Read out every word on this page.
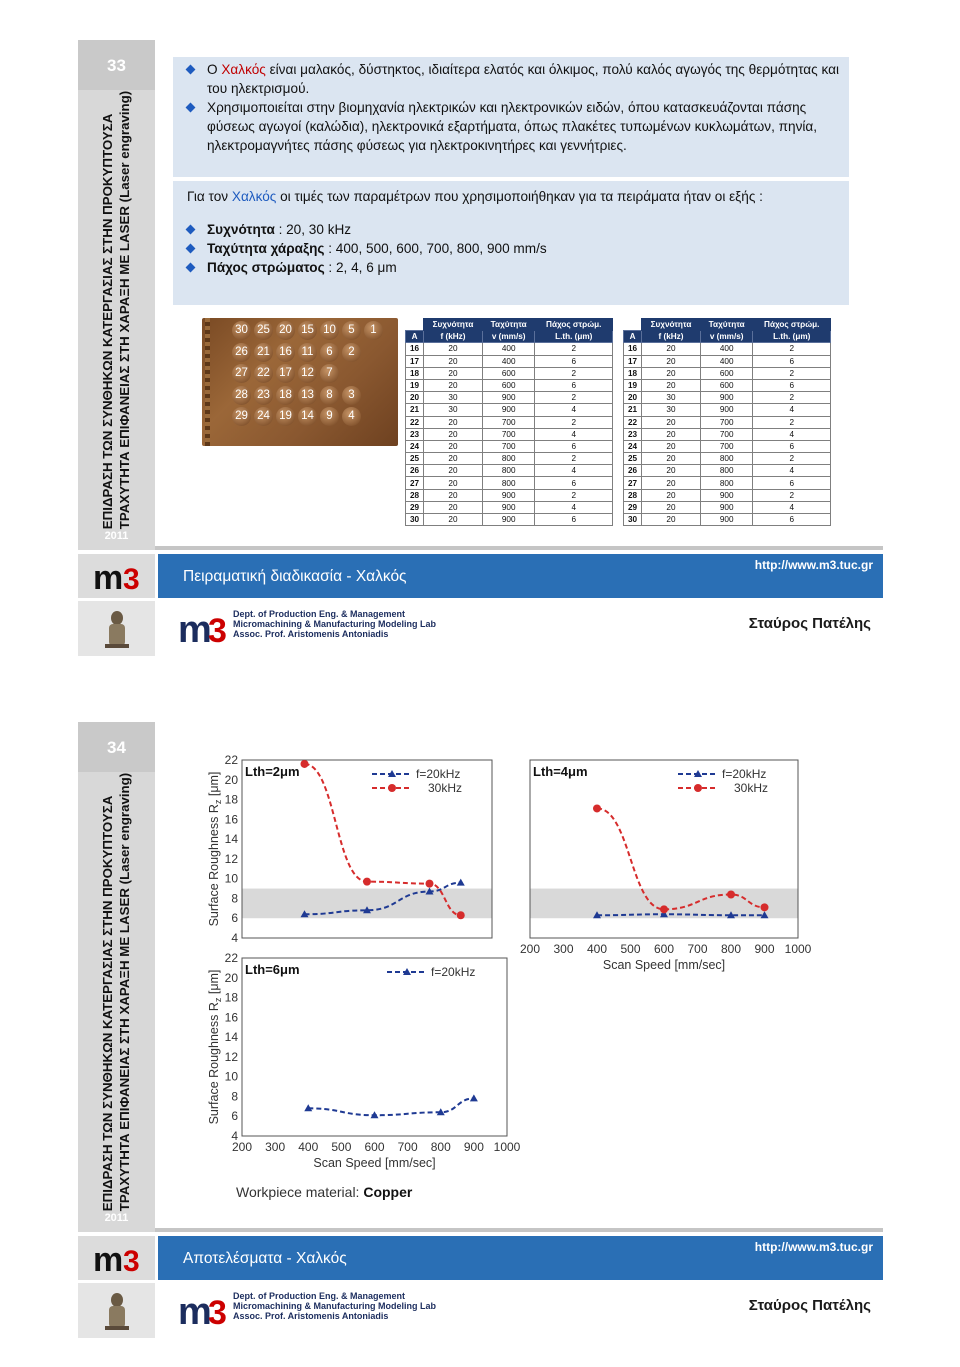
33
ΕΠΙΔΡΑΣΗ ΤΩΝ ΣΥΝΘΗΚΩΝ ΚΑΤΕΡΓΑΣΙΑΣ ΣΤΗΝ ΠΡΟΚΥΠΤΟΥΣΑ ΤΡΑΧΥΤΗΤΑ ΕΠΙΦΑΝΕΙΑΣ ΣΤΗ ΧΑΡΑΞΗ ΜΕ LASER (Laser engraving)
2011
Ο Χαλκός είναι μαλακός, δύστηκτος, ιδιαίτερα ελατός και όλκιμος, πολύ καλός αγωγός της θερμότητας και του ηλεκτρισμού.
Χρησιμοποιείται στην βιομηχανία ηλεκτρικών και ηλεκτρονικών ειδών, όπου κατασκευάζονται πάσης φύσεως αγωγοί (καλώδια), ηλεκτρονικά εξαρτήματα, όπως πλακέτες τυπωμένων κυκλωμάτων, πηνία, ηλεκτρομαγνήτες πάσης φύσεως για ηλεκτροκινητήρες και γεννήτριες.
Για τον Χαλκός οι τιμές των παραμέτρων που χρησιμοποιήθηκαν για τα πειράματα ήταν οι εξής :
Συχνότητα : 20, 30 kHz
Ταχύτητα χάραξης : 400, 500, 600, 700, 800, 900 mm/s
Πάχος στρώματος : 2, 4, 6 μm
30 25 20 15 10	5	1
26 21 16 11	6	2
27 22 17 12	7
28 23 18 13	8	3
29 24 19 14	9	4
	Συχνότητα	Ταχύτητα	Πάχος στρώμ.
A	f (kHz)	v (mm/s)	L.th. (μm)
16	20	400	2
17	20	400	6
18	20	600	2
19	20	600	6
20	30	900	2
21	30	900	4
22	20	700	2
23	20	700	4
24	20	700	6
25	20	800	2
26	20	800	4
27	20	800	6
28	20	900	2
29	20	900	4
30	20	900	6
	Συχνότητα	Ταχύτητα	Πάχος στρώμ.
A	f (kHz)	v (mm/s)	L.th. (μm)
16	20	400	2
17	20	400	6
18	20	600	2
19	20	600	6
20	30	900	2
21	30	900	4
22	20	700	2
23	20	700	4
24	20	700	6
25	20	800	2
26	20	800	4
27	20	800	6
28	20	900	2
29	20	900	4
30	20	900	6
m 3	Πειραματική διαδικασία - Χαλκός
http://www.m3.tuc.gr
m
3 Dept. of Production Eng. & Management
Micromachining & Manufacturing Modeling Lab
Assoc. Prof. Aristomenis Antoniadis
Σταύρος Πατέλης
34
ΕΠΙΔΡΑΣΗ ΤΩΝ ΣΥΝΘΗΚΩΝ ΚΑΤΕΡΓΑΣΙΑΣ ΣΤΗΝ ΠΡΟΚΥΠΤΟΥΣΑ ΤΡΑΧΥΤΗΤΑ ΕΠΙΦΑΝΕΙΑΣ ΣΤΗ ΧΑΡΑΞΗ ΜΕ LASER (Laser engraving)
2011
4
6
8
10
12
14
16
18
20
22
Surface Roughness $R_z$ [μm]
Lth=2μm	f=20kHz
30kHz
200 300 400 500 600 700 800 900 1000
Scan Speed [mm/sec]
Lth=4μm	f=20kHz
30kHz
4
6
8
10
12
14
16
18
20
22
Surface Roughness $R_z$ [μm]
200 300 400 500 600 700 800 900 1000
Scan Speed [mm/sec]
Lth=6μm	f=20kHz
Workpiece material: Copper
m 3	Αποτελέσματα - Χαλκός
http://www.m3.tuc.gr
m
3 Dept. of Production Eng. & Management
Micromachining & Manufacturing Modeling Lab
Assoc. Prof. Aristomenis Antoniadis
Σταύρος Πατέλης
